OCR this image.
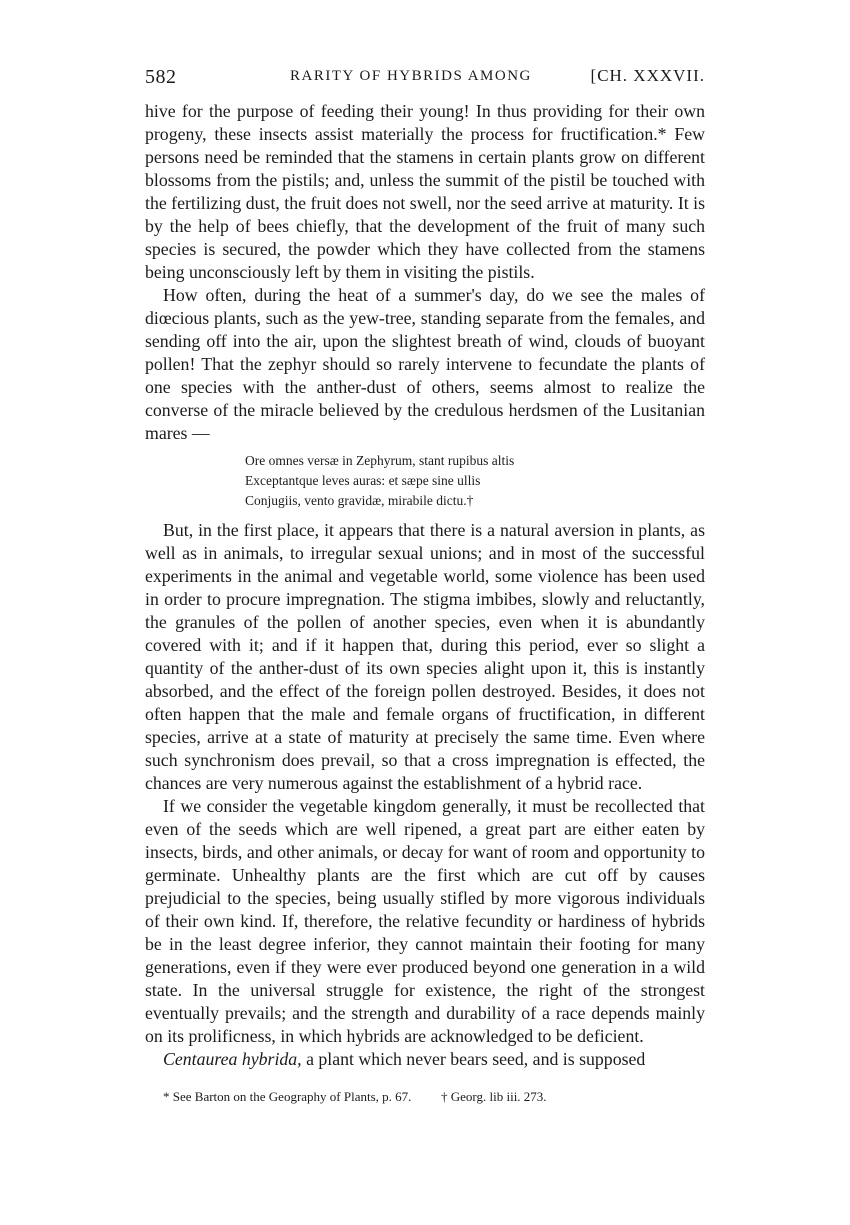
582	RARITY OF HYBRIDS AMONG	[CH. XXXVII.

hive for the purpose of feeding their young! In thus providing for their own progeny, these insects assist materially the process for fructification.* Few persons need be reminded that the stamens in certain plants grow on different blossoms from the pistils; and, unless the summit of the pistil be touched with the fertilizing dust, the fruit does not swell, nor the seed arrive at maturity. It is by the help of bees chiefly, that the development of the fruit of many such species is secured, the powder which they have collected from the stamens being unconsciously left by them in visiting the pistils.

How often, during the heat of a summer's day, do we see the males of diœcious plants, such as the yew-tree, standing separate from the females, and sending off into the air, upon the slightest breath of wind, clouds of buoyant pollen! That the zephyr should so rarely intervene to fecundate the plants of one species with the anther-dust of others, seems almost to realize the converse of the miracle believed by the credulous herdsmen of the Lusitanian mares —

Ore omnes versæ in Zephyrum, stant rupibus altis
Exceptantque leves auras: et sæpe sine ullis
Conjugiis, vento gravidæ, mirabile dictu.†

But, in the first place, it appears that there is a natural aversion in plants, as well as in animals, to irregular sexual unions; and in most of the successful experiments in the animal and vegetable world, some violence has been used in order to procure impregnation. The stigma imbibes, slowly and reluctantly, the granules of the pollen of another species, even when it is abundantly covered with it; and if it happen that, during this period, ever so slight a quantity of the anther-dust of its own species alight upon it, this is instantly absorbed, and the effect of the foreign pollen destroyed. Besides, it does not often happen that the male and female organs of fructification, in different species, arrive at a state of maturity at precisely the same time. Even where such synchronism does prevail, so that a cross impregnation is effected, the chances are very numerous against the establishment of a hybrid race.

If we consider the vegetable kingdom generally, it must be recollected that even of the seeds which are well ripened, a great part are either eaten by insects, birds, and other animals, or decay for want of room and opportunity to germinate. Unhealthy plants are the first which are cut off by causes prejudicial to the species, being usually stifled by more vigorous individuals of their own kind. If, therefore, the relative fecundity or hardiness of hybrids be in the least degree inferior, they cannot maintain their footing for many generations, even if they were ever produced beyond one generation in a wild state. In the universal struggle for existence, the right of the strongest eventually prevails; and the strength and durability of a race depends mainly on its prolificness, in which hybrids are acknowledged to be deficient.

Centaurea hybrida, a plant which never bears seed, and is supposed

* See Barton on the Geography of Plants, p. 67.	† Georg. lib iii. 273.
